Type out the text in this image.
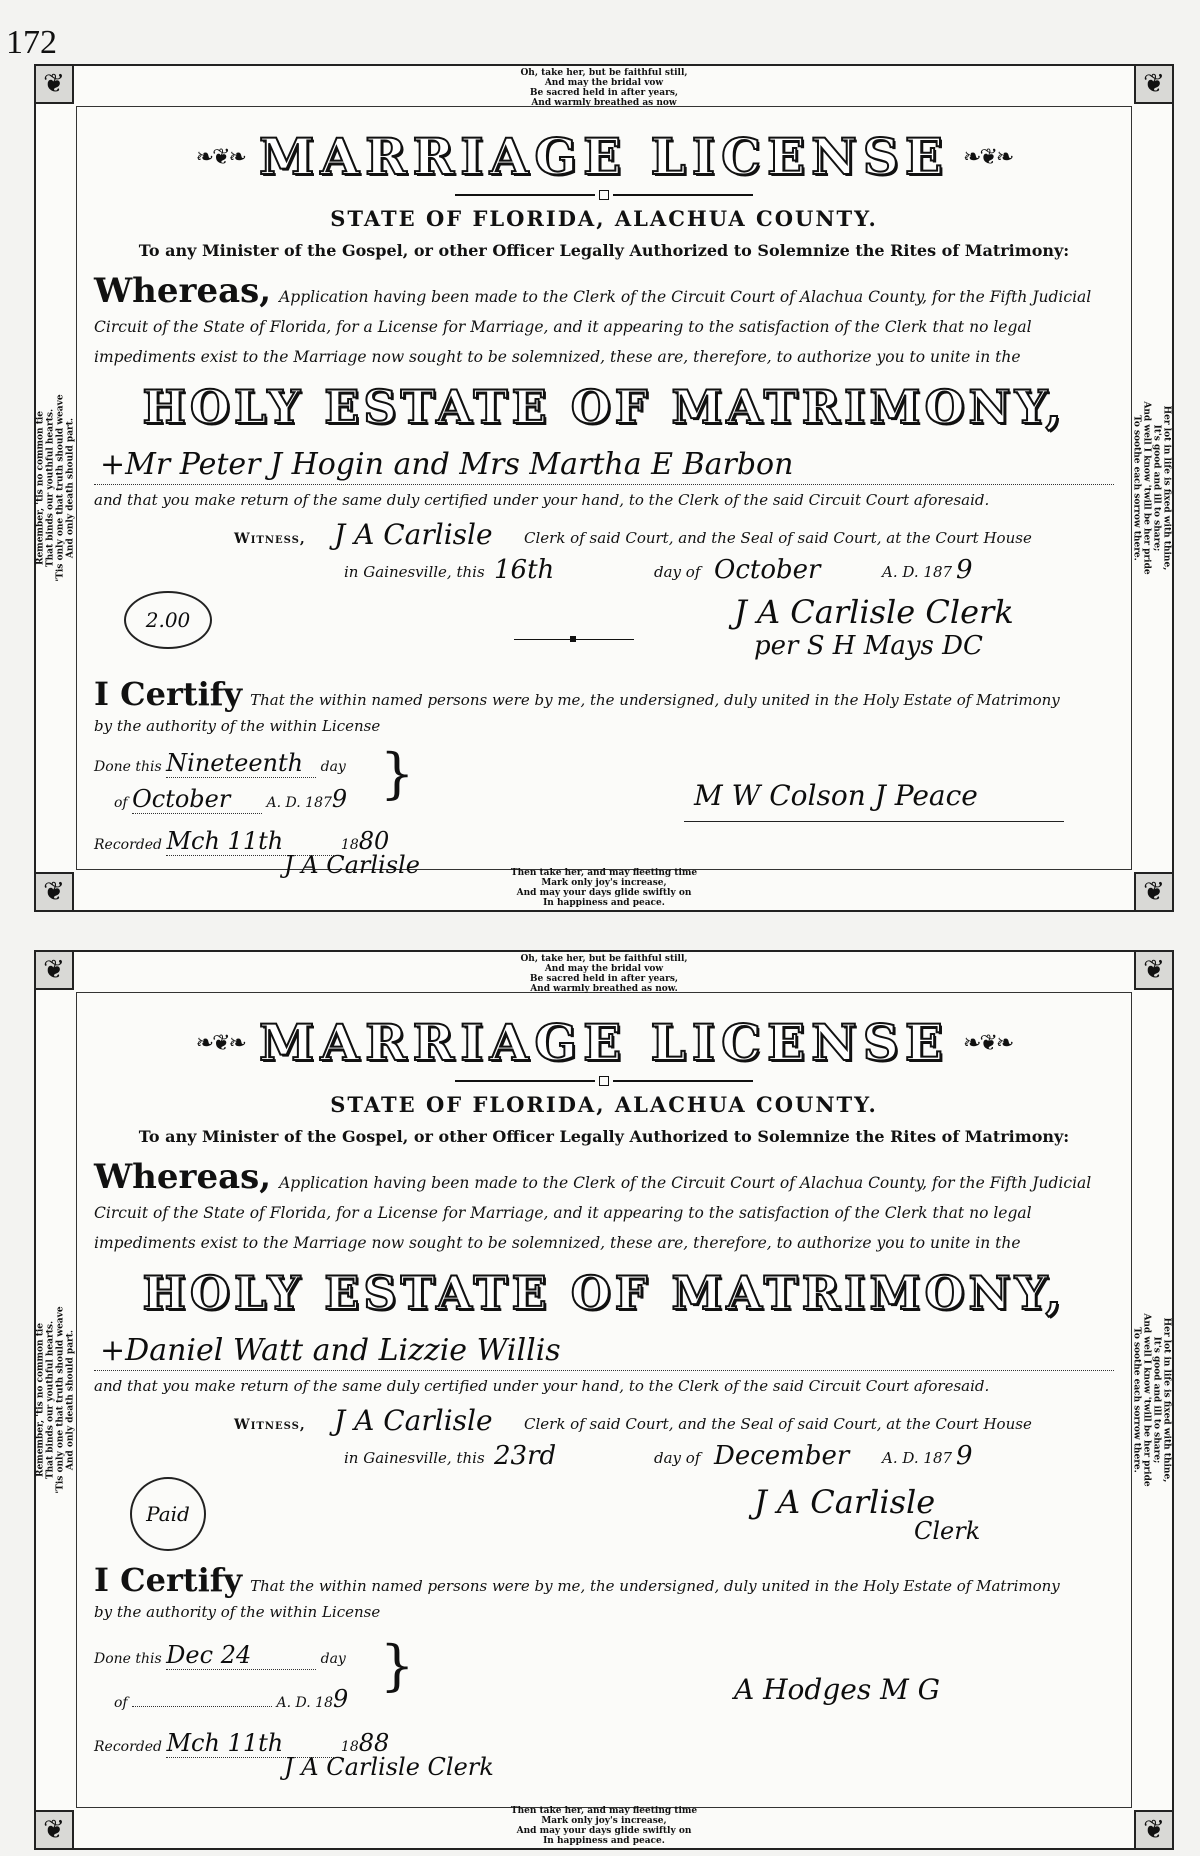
172
❦	❦
❦	❦
Oh, take her, but be faithful still,
And may the bridal vow
Be sacred held in after years,
And warmly breathed as now
Then take her, and may fleeting time
Mark only joy's increase,
And may your days glide swiftly on
In happiness and peace.
Remember, 'tis no common tie That binds our youthful hearts. 'Tis only one that truth should weave And only death should part.	Her lot in life is fixed with thine,
It's good and ill to share;
And well I know 'twill be her pride
To soothe each sorrow there.
❧❦❧ MARRIAGE LICENSE ❧❦❧
STATE OF FLORIDA, ALACHUA COUNTY.
To any Minister of the Gospel, or other Officer Legally Authorized to Solemnize the Rites of Matrimony:
Whereas, Application having been made to the Clerk of the Circuit Court of Alachua County, for the Fifth Judicial Circuit of the State of Florida, for a License for Marriage, and it appearing to the satisfaction of the Clerk that no legal impediments exist to the Marriage now sought to be solemnized, these are, therefore, to authorize you to unite in the
HOLY ESTATE OF MATRIMONY,
+Mr Peter J Hogin and Mrs Martha E Barbon
and that you make return of the same duly certified under your hand, to the Clerk of the said Circuit Court aforesaid.
Witness, J A Carlisle Clerk of said Court, and the Seal of said Court, at the Court House
in Gainesville, this 16th	day of October	A. D. 187 9
2.00	J A Carlisle Clerk
per S H Mays DC
I Certify That the within named persons were by me, the undersigned, duly united in the Holy Estate of Matrimony
by the authority of the within License
Done this Nineteenth day
of October	A. D. 1879 }	M W Colson J Peace
Recorded Mch 11th	1880
J A Carlisle
❦	❦
❦	❦
Oh, take her, but be faithful still,
And may the bridal vow
Be sacred held in after years,
And warmly breathed as now.
Then take her, and may fleeting time
Mark only joy's increase,
And may your days glide swiftly on
In happiness and peace.
Remember, 'tis no common tie That binds our youthful hearts. 'Tis only one that truth should weave And only death should part.	Her lot in life is fixed with thine,
It's good and ill to share;
And well I know 'twill be her pride
To soothe each sorrow there.
❧❦❧ MARRIAGE LICENSE ❧❦❧
STATE OF FLORIDA, ALACHUA COUNTY.
To any Minister of the Gospel, or other Officer Legally Authorized to Solemnize the Rites of Matrimony:
Whereas, Application having been made to the Clerk of the Circuit Court of Alachua County, for the Fifth Judicial Circuit of the State of Florida, for a License for Marriage, and it appearing to the satisfaction of the Clerk that no legal impediments exist to the Marriage now sought to be solemnized, these are, therefore, to authorize you to unite in the
HOLY ESTATE OF MATRIMONY,
+Daniel Watt and Lizzie Willis
and that you make return of the same duly certified under your hand, to the Clerk of the said Circuit Court aforesaid.
Witness, J A Carlisle Clerk of said Court, and the Seal of said Court, at the Court House
in Gainesville, this 23rd	day of December A. D. 187 9
Paid	J A Carlisle
Clerk
I Certify That the within named persons were by me, the undersigned, duly united in the Holy Estate of Matrimony
by the authority of the within License
Done this Dec 24	day
of	A. D. 189
}	A Hodges M G
Recorded Mch 11th	1888
J A Carlisle Clerk
